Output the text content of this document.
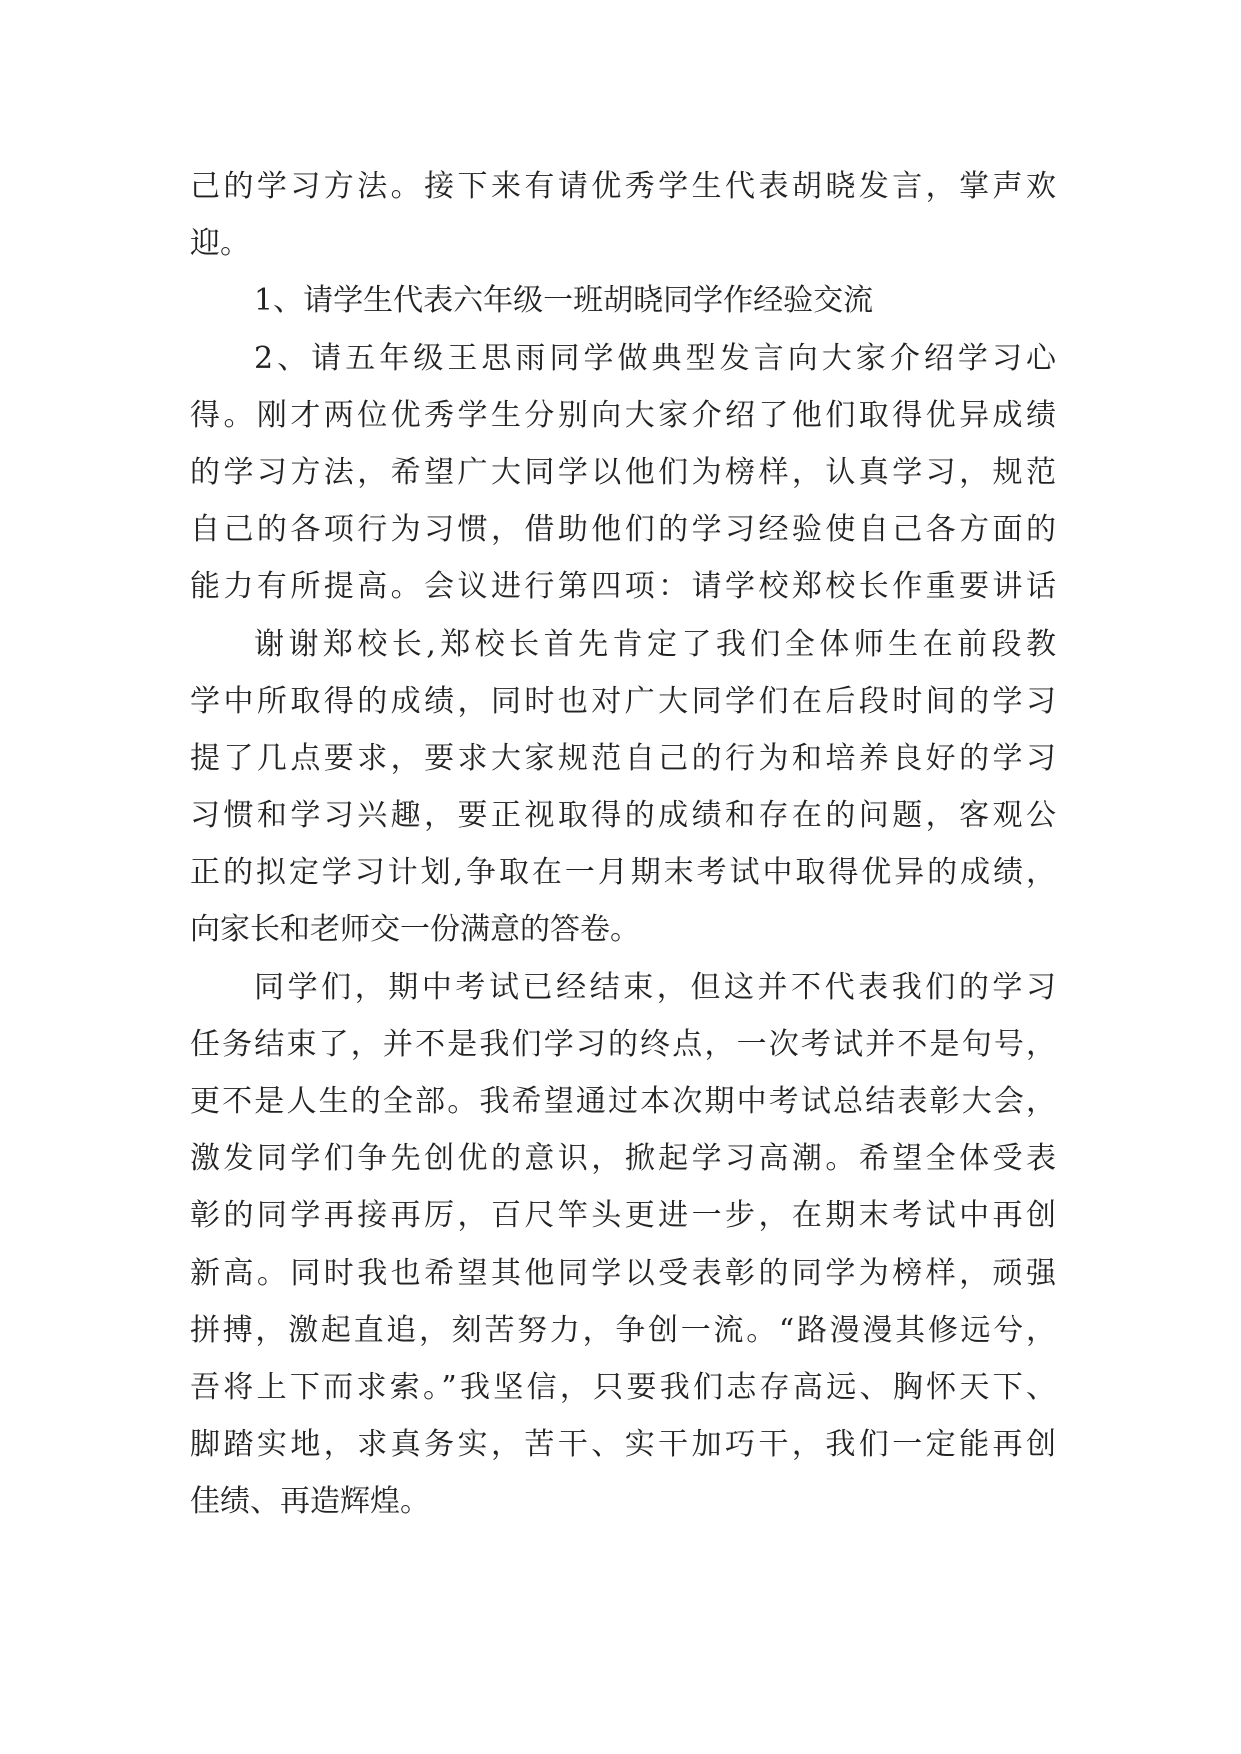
己的学习方法。接下来有请优秀学生代表胡晓发言，掌声欢
迎。
1、请学生代表六年级一班胡晓同学作经验交流
2、请五年级王思雨同学做典型发言向大家介绍学习心
得。刚才两位优秀学生分别向大家介绍了他们取得优异成绩
的学习方法，希望广大同学以他们为榜样，认真学习，规范
自己的各项行为习惯，借助他们的学习经验使自己各方面的
能力有所提高。会议进行第四项：请学校郑校长作重要讲话
谢谢郑校长,郑校长首先肯定了我们全体师生在前段教
学中所取得的成绩，同时也对广大同学们在后段时间的学习
提了几点要求，要求大家规范自己的行为和培养良好的学习
习惯和学习兴趣，要正视取得的成绩和存在的问题，客观公
正的拟定学习计划,争取在一月期末考试中取得优异的成绩，
向家长和老师交一份满意的答卷。
同学们，期中考试已经结束，但这并不代表我们的学习
任务结束了，并不是我们学习的终点，一次考试并不是句号，
更不是人生的全部。我希望通过本次期中考试总结表彰大会，
激发同学们争先创优的意识，掀起学习高潮。希望全体受表
彰的同学再接再厉，百尺竿头更进一步，在期末考试中再创
新高。同时我也希望其他同学以受表彰的同学为榜样，顽强
拼搏，激起直追，刻苦努力，争创一流。“路漫漫其修远兮，
吾将上下而求索。”我坚信，只要我们志存高远、胸怀天下、
脚踏实地，求真务实，苦干、实干加巧干，我们一定能再创
佳绩、再造辉煌。
